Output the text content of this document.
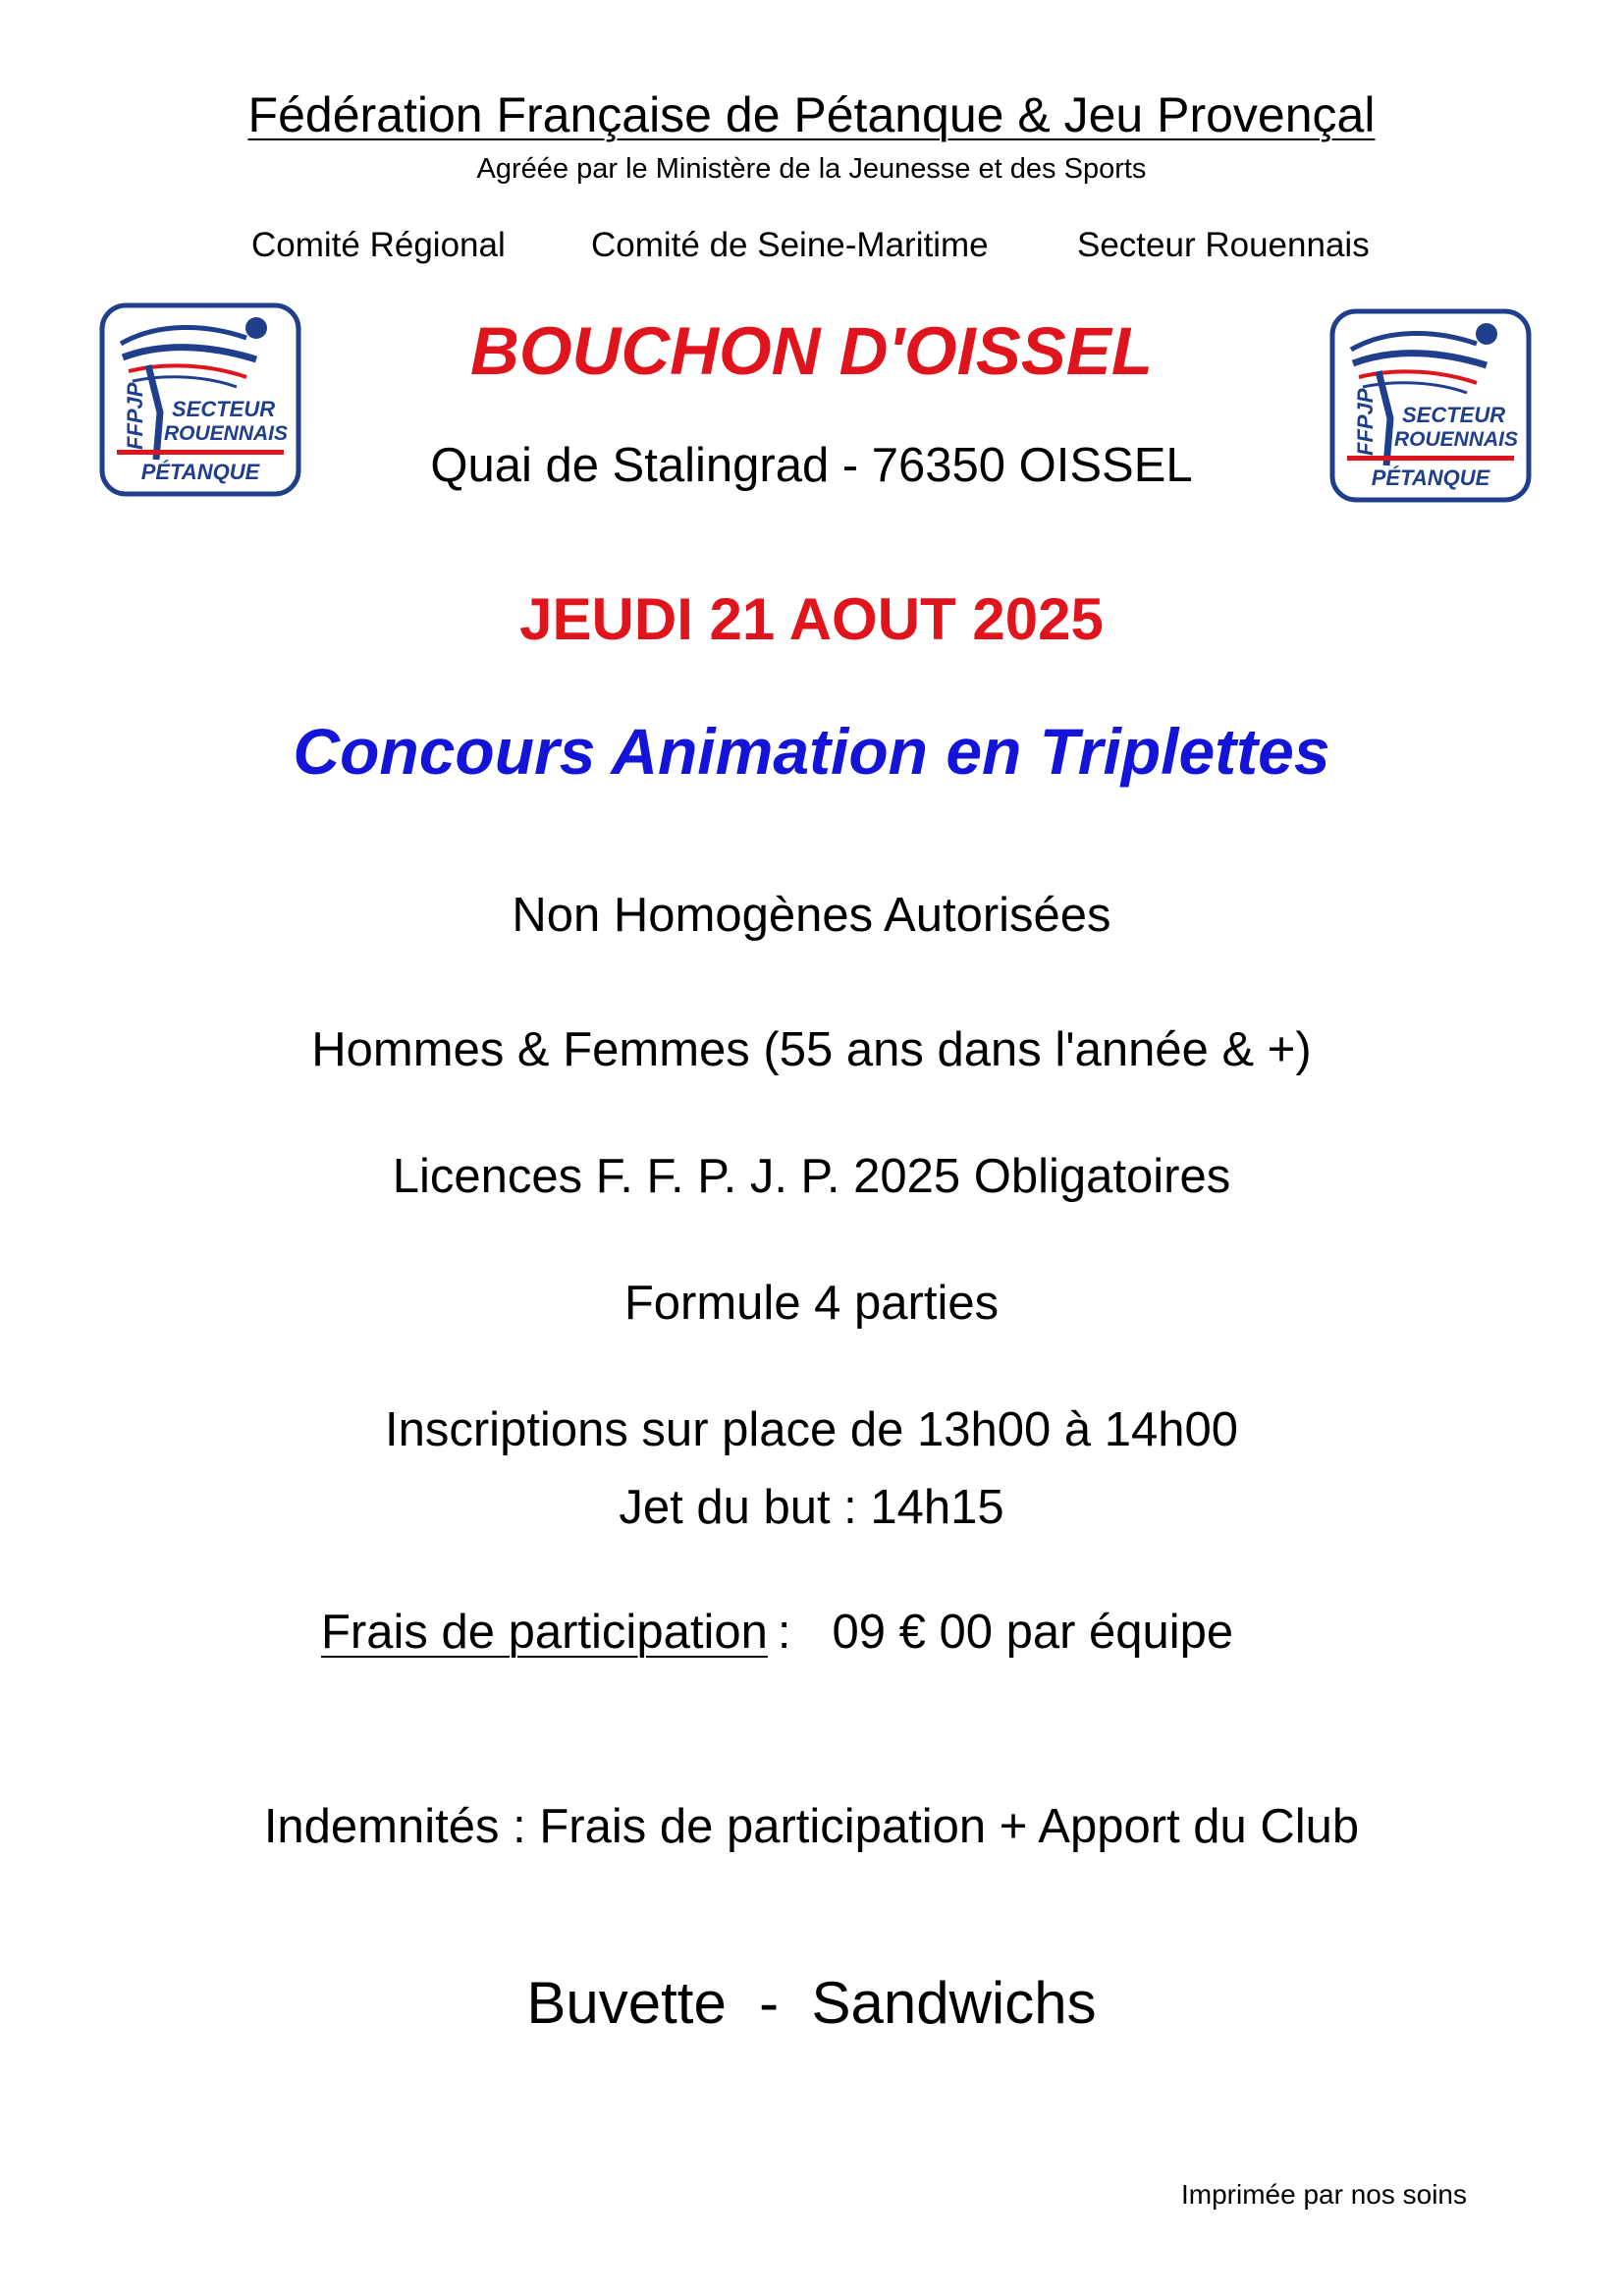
Fédération Française de Pétanque & Jeu Provençal
Agréée par le Ministère de la Jeunesse et des Sports
Comité Régional Comité de Seine-Maritime	Secteur Rouennais
FFPJP SECTEUR
ROUENNAIS
PÉTANQUE
FFPJP SECTEUR
ROUENNAIS
PÉTANQUE
BOUCHON D'OISSEL
Quai de Stalingrad - 76350 OISSEL
JEUDI 21 AOUT 2025
Concours Animation en Triplettes
Non Homogènes Autorisées
Hommes & Femmes (55 ans dans l'année & +)
Licences F. F. P. J. P. 2025 Obligatoires
Formule 4 parties
Inscriptions sur place de 13h00 à 14h00
Jet du but : 14h15
Frais de participation : 09 € 00 par équipe
Indemnités : Frais de participation + Apport du Club
Buvette  -  Sandwichs
Imprimée par nos soins
